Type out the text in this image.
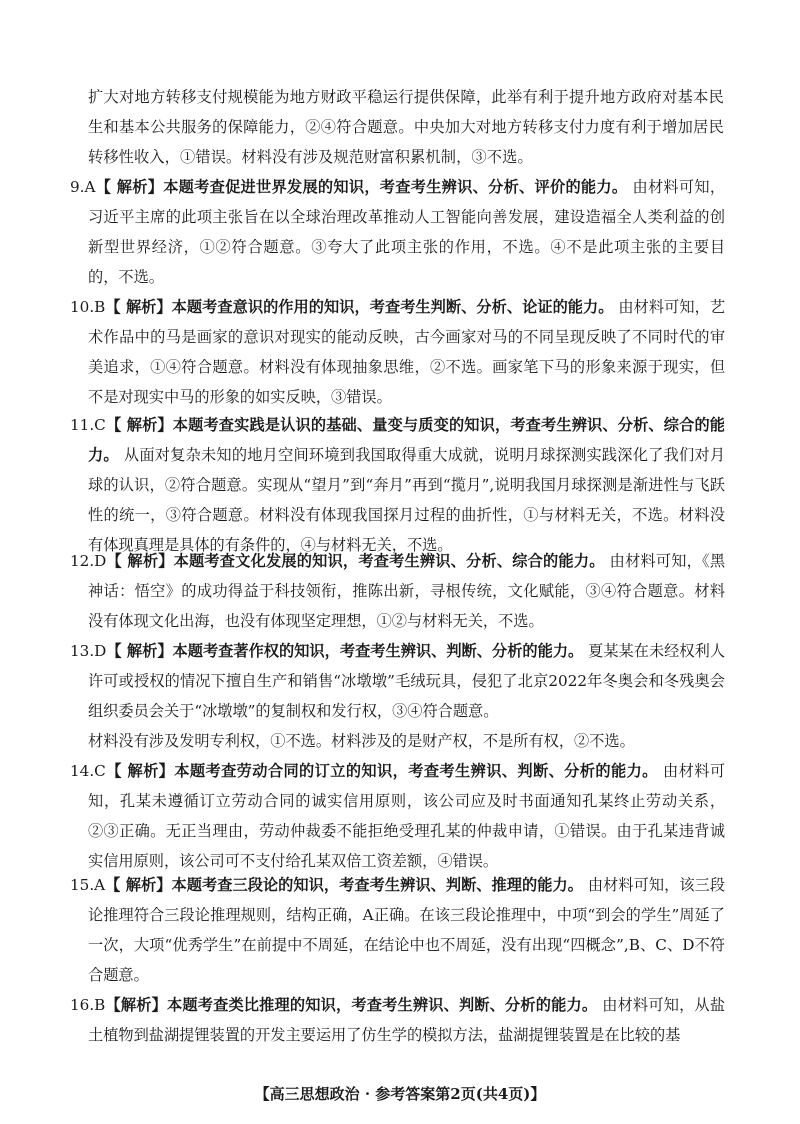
扩大对地方转移支付规模能为地方财政平稳运行提供保障，此举有利于提升地方政府对基本民生和基本公共服务的保障能力，②④符合题意。中央加大对地方转移支付力度有利于增加居民转移性收入，①错误。材料没有涉及规范财富积累机制，③不选。

9.A【 解析】本题考查促进世界发展的知识，考查考生辨识、分析、评价的能力。 由材料可知，习近平主席的此项主张旨在以全球治理改革推动人工智能向善发展，建设造福全人类利益的创新型世界经济，①②符合题意。③夸大了此项主张的作用，不选。④不是此项主张的主要目的，不选。

10.B【 解析】本题考查意识的作用的知识，考查考生判断、分析、论证的能力。 由材料可知，艺术作品中的马是画家的意识对现实的能动反映，古今画家对马的不同呈现反映了不同时代的审美追求，①④符合题意。材料没有体现抽象思维，②不选。画家笔下马的形象来源于现实，但不是对现实中马的形象的如实反映，③错误。

11.C【 解析】本题考查实践是认识的基础、量变与质变的知识，考查考生辨识、分析、综合的能力。 从面对复杂未知的地月空间环境到我国取得重大成就，说明月球探测实践深化了我们对月球的认识，②符合题意。实现从“望月”到“奔月”再到“揽月”,说明我国月球探测是渐进性与飞跃性的统一，③符合题意。材料没有体现我国探月过程的曲折性，①与材料无关，不选。材料没有体现真理是具体的有条件的，④与材料无关，不选。

12.D【 解析】本题考查文化发展的知识，考查考生辨识、分析、综合的能力。 由材料可知，《黑神话：悟空》的成功得益于科技领衔，推陈出新，寻根传统，文化赋能，③④符合题意。材料没有体现文化出海，也没有体现坚定理想，①②与材料无关，不选。

13.D【 解析】本题考查著作权的知识，考查考生辨识、判断、分析的能力。 夏某某在未经权利人许可或授权的情况下擅自生产和销售“冰墩墩”毛绒玩具，侵犯了北京2022年冬奥会和冬残奥会组织委员会关于“冰墩墩”的复制权和发行权，③④符合题意。
材料没有涉及发明专利权，①不选。材料涉及的是财产权，不是所有权，②不选。

14.C【 解析】本题考查劳动合同的订立的知识，考查考生辨识、判断、分析的能力。 由材料可知，孔某未遵循订立劳动合同的诚实信用原则，该公司应及时书面通知孔某终止劳动关系，②③正确。无正当理由，劳动仲裁委不能拒绝受理孔某的仲裁申请，①错误。由于孔某违背诚实信用原则，该公司可不支付给孔某双倍工资差额，④错误。

15.A【 解析】本题考查三段论的知识，考查考生辨识、判断、推理的能力。 由材料可知，该三段论推理符合三段论推理规则，结构正确，A正确。在该三段论推理中，中项“到会的学生”周延了一次，大项“优秀学生”在前提中不周延，在结论中也不周延，没有出现“四概念”,B、C、D不符合题意。

16.B【解析】本题考查类比推理的知识，考查考生辨识、判断、分析的能力。 由材料可知，从盐土植物到盐湖提锂装置的开发主要运用了仿生学的模拟方法，盐湖提锂装置是在比较的基

【高三思想政治 · 参考答案第2页(共4页)】
